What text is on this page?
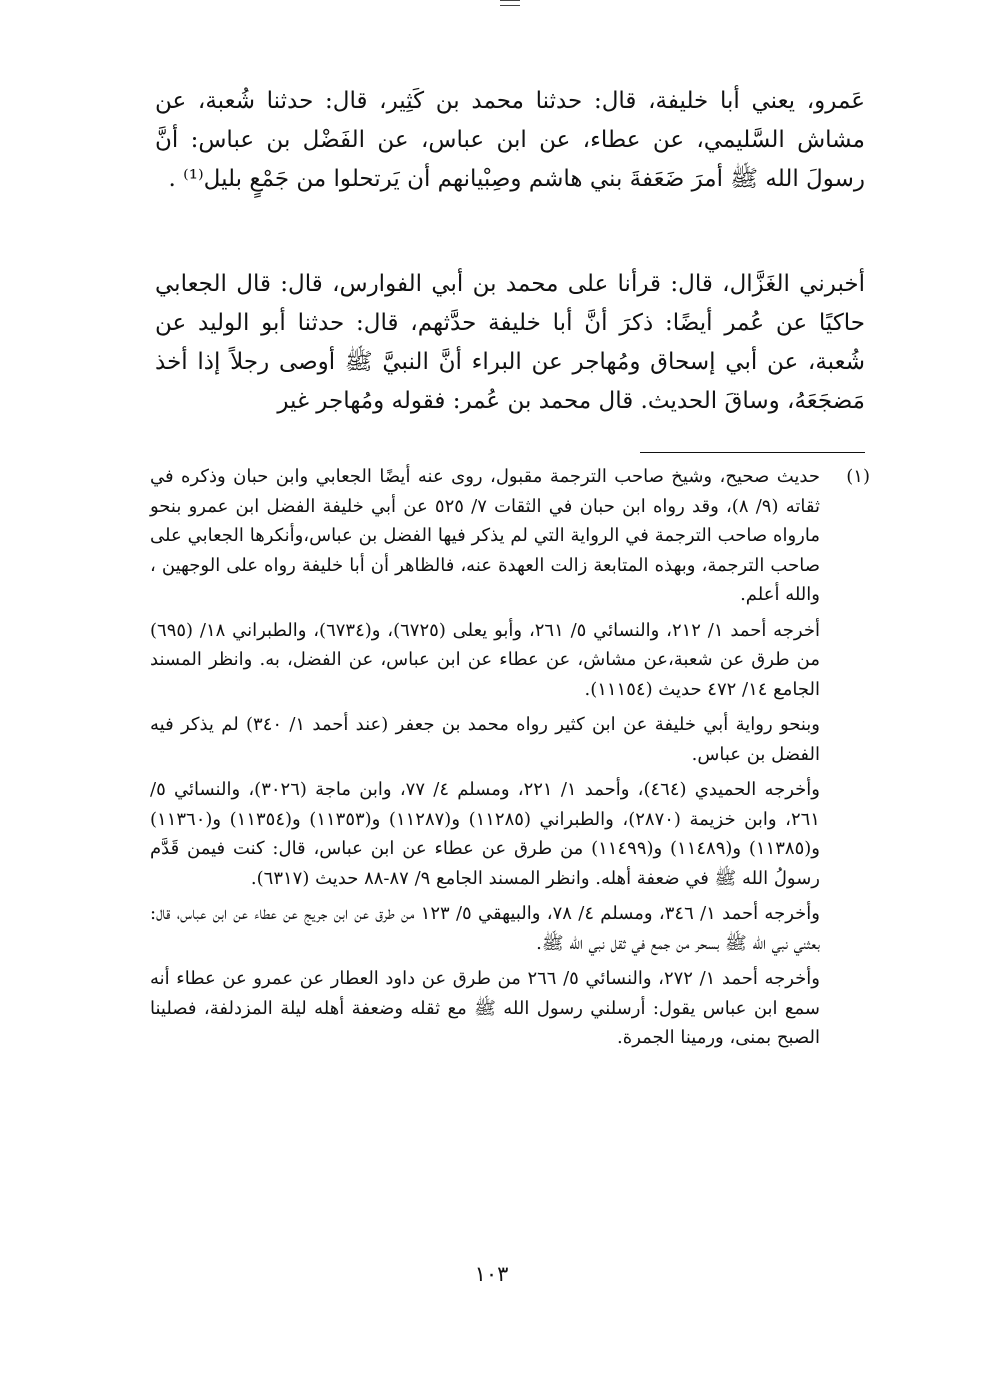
عَمرو، يعني أبا خليفة، قال: حدثنا محمد بن كَثِير، قال: حدثنا شُعبة، عن مشاش السَّليمي، عن عطاء، عن ابن عباس، عن الفَضْل بن عباس: أنَّ رسولَ الله ﷺ أمرَ ضَعَفةَ بني هاشم وصِبْيانهم أن يَرتحلوا من جَمْعٍ بليل⁽¹⁾ .

أخبرني الغَزَّال، قال: قرأنا على محمد بن أبي الفوارس، قال: قال الجعابي حاكيًا عن عُمر أيضًا: ذكرَ أنَّ أبا خليفة حدَّثهم، قال: حدثنا أبو الوليد عن شُعبة، عن أبي إسحاق ومُهاجر عن البراء أنَّ النبيَّ ﷺ أوصى رجلاً إذا أخذ مَضجَعَهُ، وساقَ الحديث. قال محمد بن عُمر: فقوله ومُهاجر غير

(١)

حديث صحيح، وشيخ صاحب الترجمة مقبول، روى عنه أيضًا الجعابي وابن حبان وذكره في ثقاته (٩/ ٨)، وقد رواه ابن حبان في الثقات ٧/ ٥٢٥ عن أبي خليفة الفضل ابن عمرو بنحو مارواه صاحب الترجمة في الرواية التي لم يذكر فيها الفضل بن عباس،وأنكرها الجعابي على صاحب الترجمة، وبهذه المتابعة زالت العهدة عنه، فالظاهر أن أبا خليفة رواه على الوجهين ، والله أعلم.

أخرجه أحمد ١/ ٢١٢، والنسائي ٥/ ٢٦١، وأبو يعلى (٦٧٢٥)، و(٦٧٣٤)، والطبراني ١٨/ (٦٩٥) من طرق عن شعبة،عن مشاش، عن عطاء عن ابن عباس، عن الفضل، به. وانظر المسند الجامع ١٤/ ٤٧٢ حديث (١١١٥٤).

وبنحو رواية أبي خليفة عن ابن كثير رواه محمد بن جعفر (عند أحمد ١/ ٣٤٠) لم يذكر فيه الفضل بن عباس.

وأخرجه الحميدي (٤٦٤)، وأحمد ١/ ٢٢١، ومسلم ٤/ ٧٧، وابن ماجة (٣٠٢٦)، والنسائي ٥/ ٢٦١، وابن خزيمة (٢٨٧٠)، والطبراني (١١٢٨٥) و(١١٢٨٧) و(١١٣٥٣) و(١١٣٥٤) و(١١٣٦٠) و(١١٣٨٥) و(١١٤٨٩) و(١١٤٩٩) من طرق عن عطاء عن ابن عباس، قال: كنت فيمن قَدَّم رسولُ الله ﷺ في ضعفة أهله. وانظر المسند الجامع ٩/ ٨٧-٨٨ حديث (٦٣١٧).

وأخرجه أحمد ١/ ٣٤٦، ومسلم ٤/ ٧٨، والبيهقي ٥/ ١٢٣ من طرق عن ابن جريج عن عطاء عن ابن عباس، قال: بعثني نبي الله ﷺ بسحر من جمع في ثقل نبي الله ﷺ.

وأخرجه أحمد ١/ ٢٧٢، والنسائي ٥/ ٢٦٦ من طرق عن داود العطار عن عمرو عن عطاء أنه سمع ابن عباس يقول: أرسلني رسول الله ﷺ مع ثقله وضعفة أهله ليلة المزدلفة، فصلينا الصبح بمنى، ورمينا الجمرة.

١٠٣
